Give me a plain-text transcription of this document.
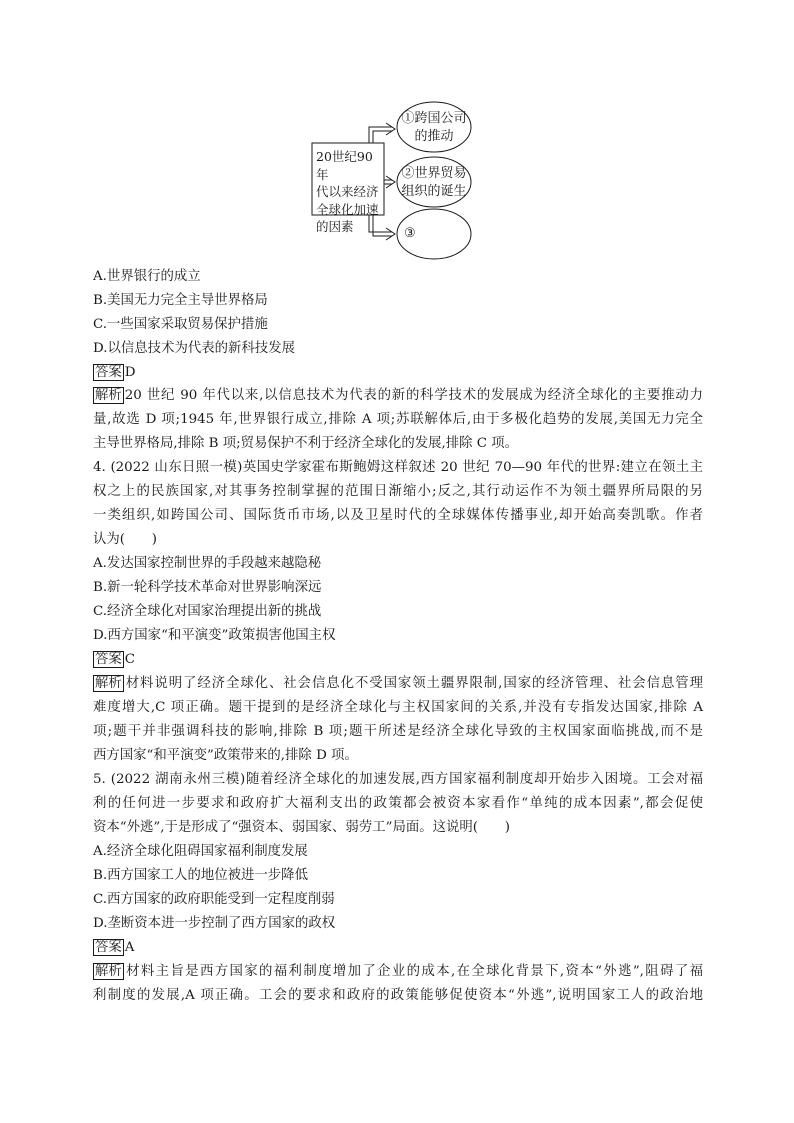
20世纪90年
代以来经济
全球化加速
的因素
①跨国公司
的推动
②世界贸易
组织的诞生
③
A.世界银行的成立
B.美国无力完全主导世界格局
C.一些国家采取贸易保护措施
D.以信息技术为代表的新科技发展
答案 D
解析 20 世纪 90 年代以来,以信息技术为代表的新的科学技术的发展成为经济全球化的主要推动力
量,故选 D 项;1945 年,世界银行成立,排除 A 项;苏联解体后,由于多极化趋势的发展,美国无力完全
主导世界格局,排除 B 项;贸易保护不利于经济全球化的发展,排除 C 项。
4. (2022 山东日照一模)英国史学家霍布斯鲍姆这样叙述 20 世纪 70—90 年代的世界:建立在领土主
权之上的民族国家,对其事务控制掌握的范围日渐缩小;反之,其行动运作不为领土疆界所局限的另
一类组织,如跨国公司、国际货币市场,以及卫星时代的全球媒体传播事业,却开始高奏凯歌。作者
认为(　　)
A.发达国家控制世界的手段越来越隐秘
B.新一轮科学技术革命对世界影响深远
C.经济全球化对国家治理提出新的挑战
D.西方国家“和平演变”政策损害他国主权
答案 C
解析 材料说明了经济全球化、社会信息化不受国家领土疆界限制,国家的经济管理、社会信息管理
难度增大,C 项正确。题干提到的是经济全球化与主权国家间的关系,并没有专指发达国家,排除 A
项;题干并非强调科技的影响,排除 B 项;题干所述是经济全球化导致的主权国家面临挑战,而不是
西方国家“和平演变”政策带来的,排除 D 项。
5. (2022 湖南永州三模)随着经济全球化的加速发展,西方国家福利制度却开始步入困境。工会对福
利的任何进一步要求和政府扩大福利支出的政策都会被资本家看作“单纯的成本因素”,都会促使
资本“外逃”,于是形成了“强资本、弱国家、弱劳工”局面。这说明(　　)
A.经济全球化阻碍国家福利制度发展
B.西方国家工人的地位被进一步降低
C.西方国家的政府职能受到一定程度削弱
D.垄断资本进一步控制了西方国家的政权
答案 A
解析 材料主旨是西方国家的福利制度增加了企业的成本,在全球化背景下,资本“外逃”,阻碍了福
利制度的发展,A 项正确。工会的要求和政府的政策能够促使资本“外逃”,说明国家工人的政治地
